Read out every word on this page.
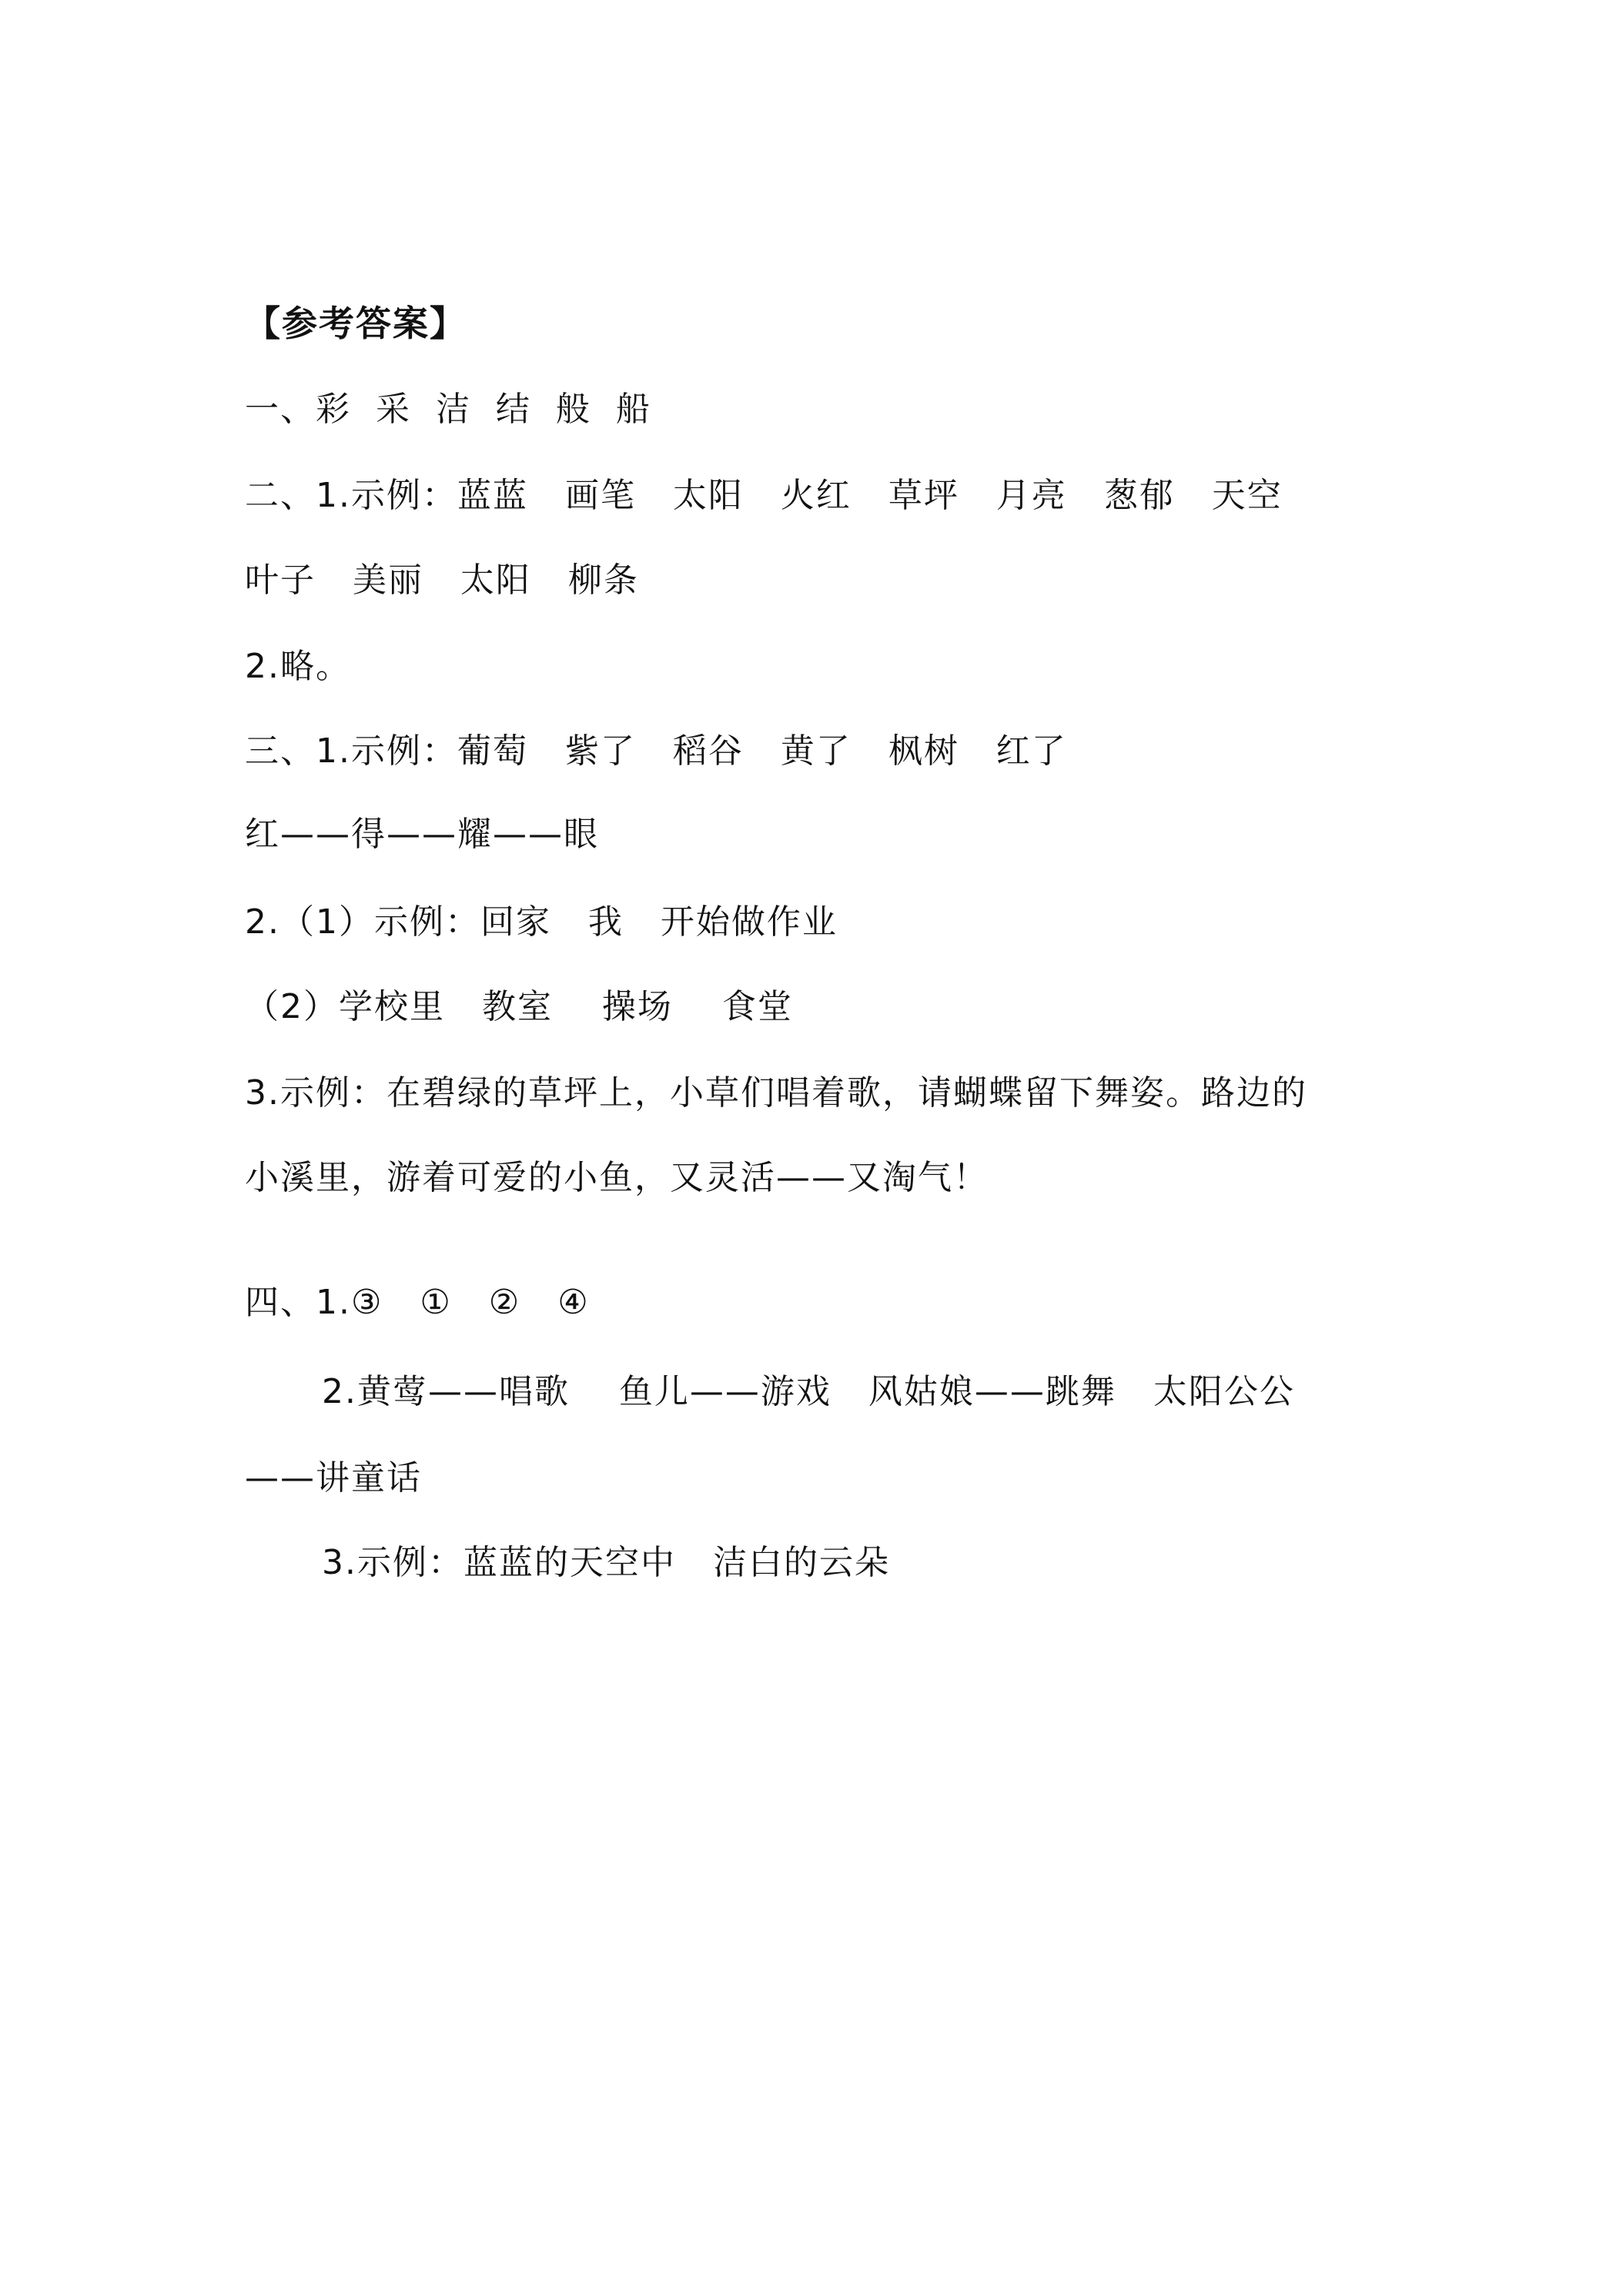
【参考答案】
一、彩  采  洁  结  般  船
二、1.示例：蓝蓝   画笔   太阳   火红   草坪   月亮   葱郁   天空
叶子   美丽   太阳   柳条
2.略。
三、1.示例：葡萄   紫了   稻谷   黄了   枫树   红了
红——得——耀——眼
2.（1）示例：回家   我   开始做作业
（2）学校里   教室    操场    食堂
3.示例：在碧绿的草坪上，小草们唱着歌，请蝴蝶留下舞姿。路边的
小溪里，游着可爱的小鱼，又灵活——又淘气！
四、1.③   ①   ②   ④
2.黄莺——唱歌    鱼儿——游戏   风姑娘——跳舞   太阳公公
——讲童话
3.示例：蓝蓝的天空中   洁白的云朵
